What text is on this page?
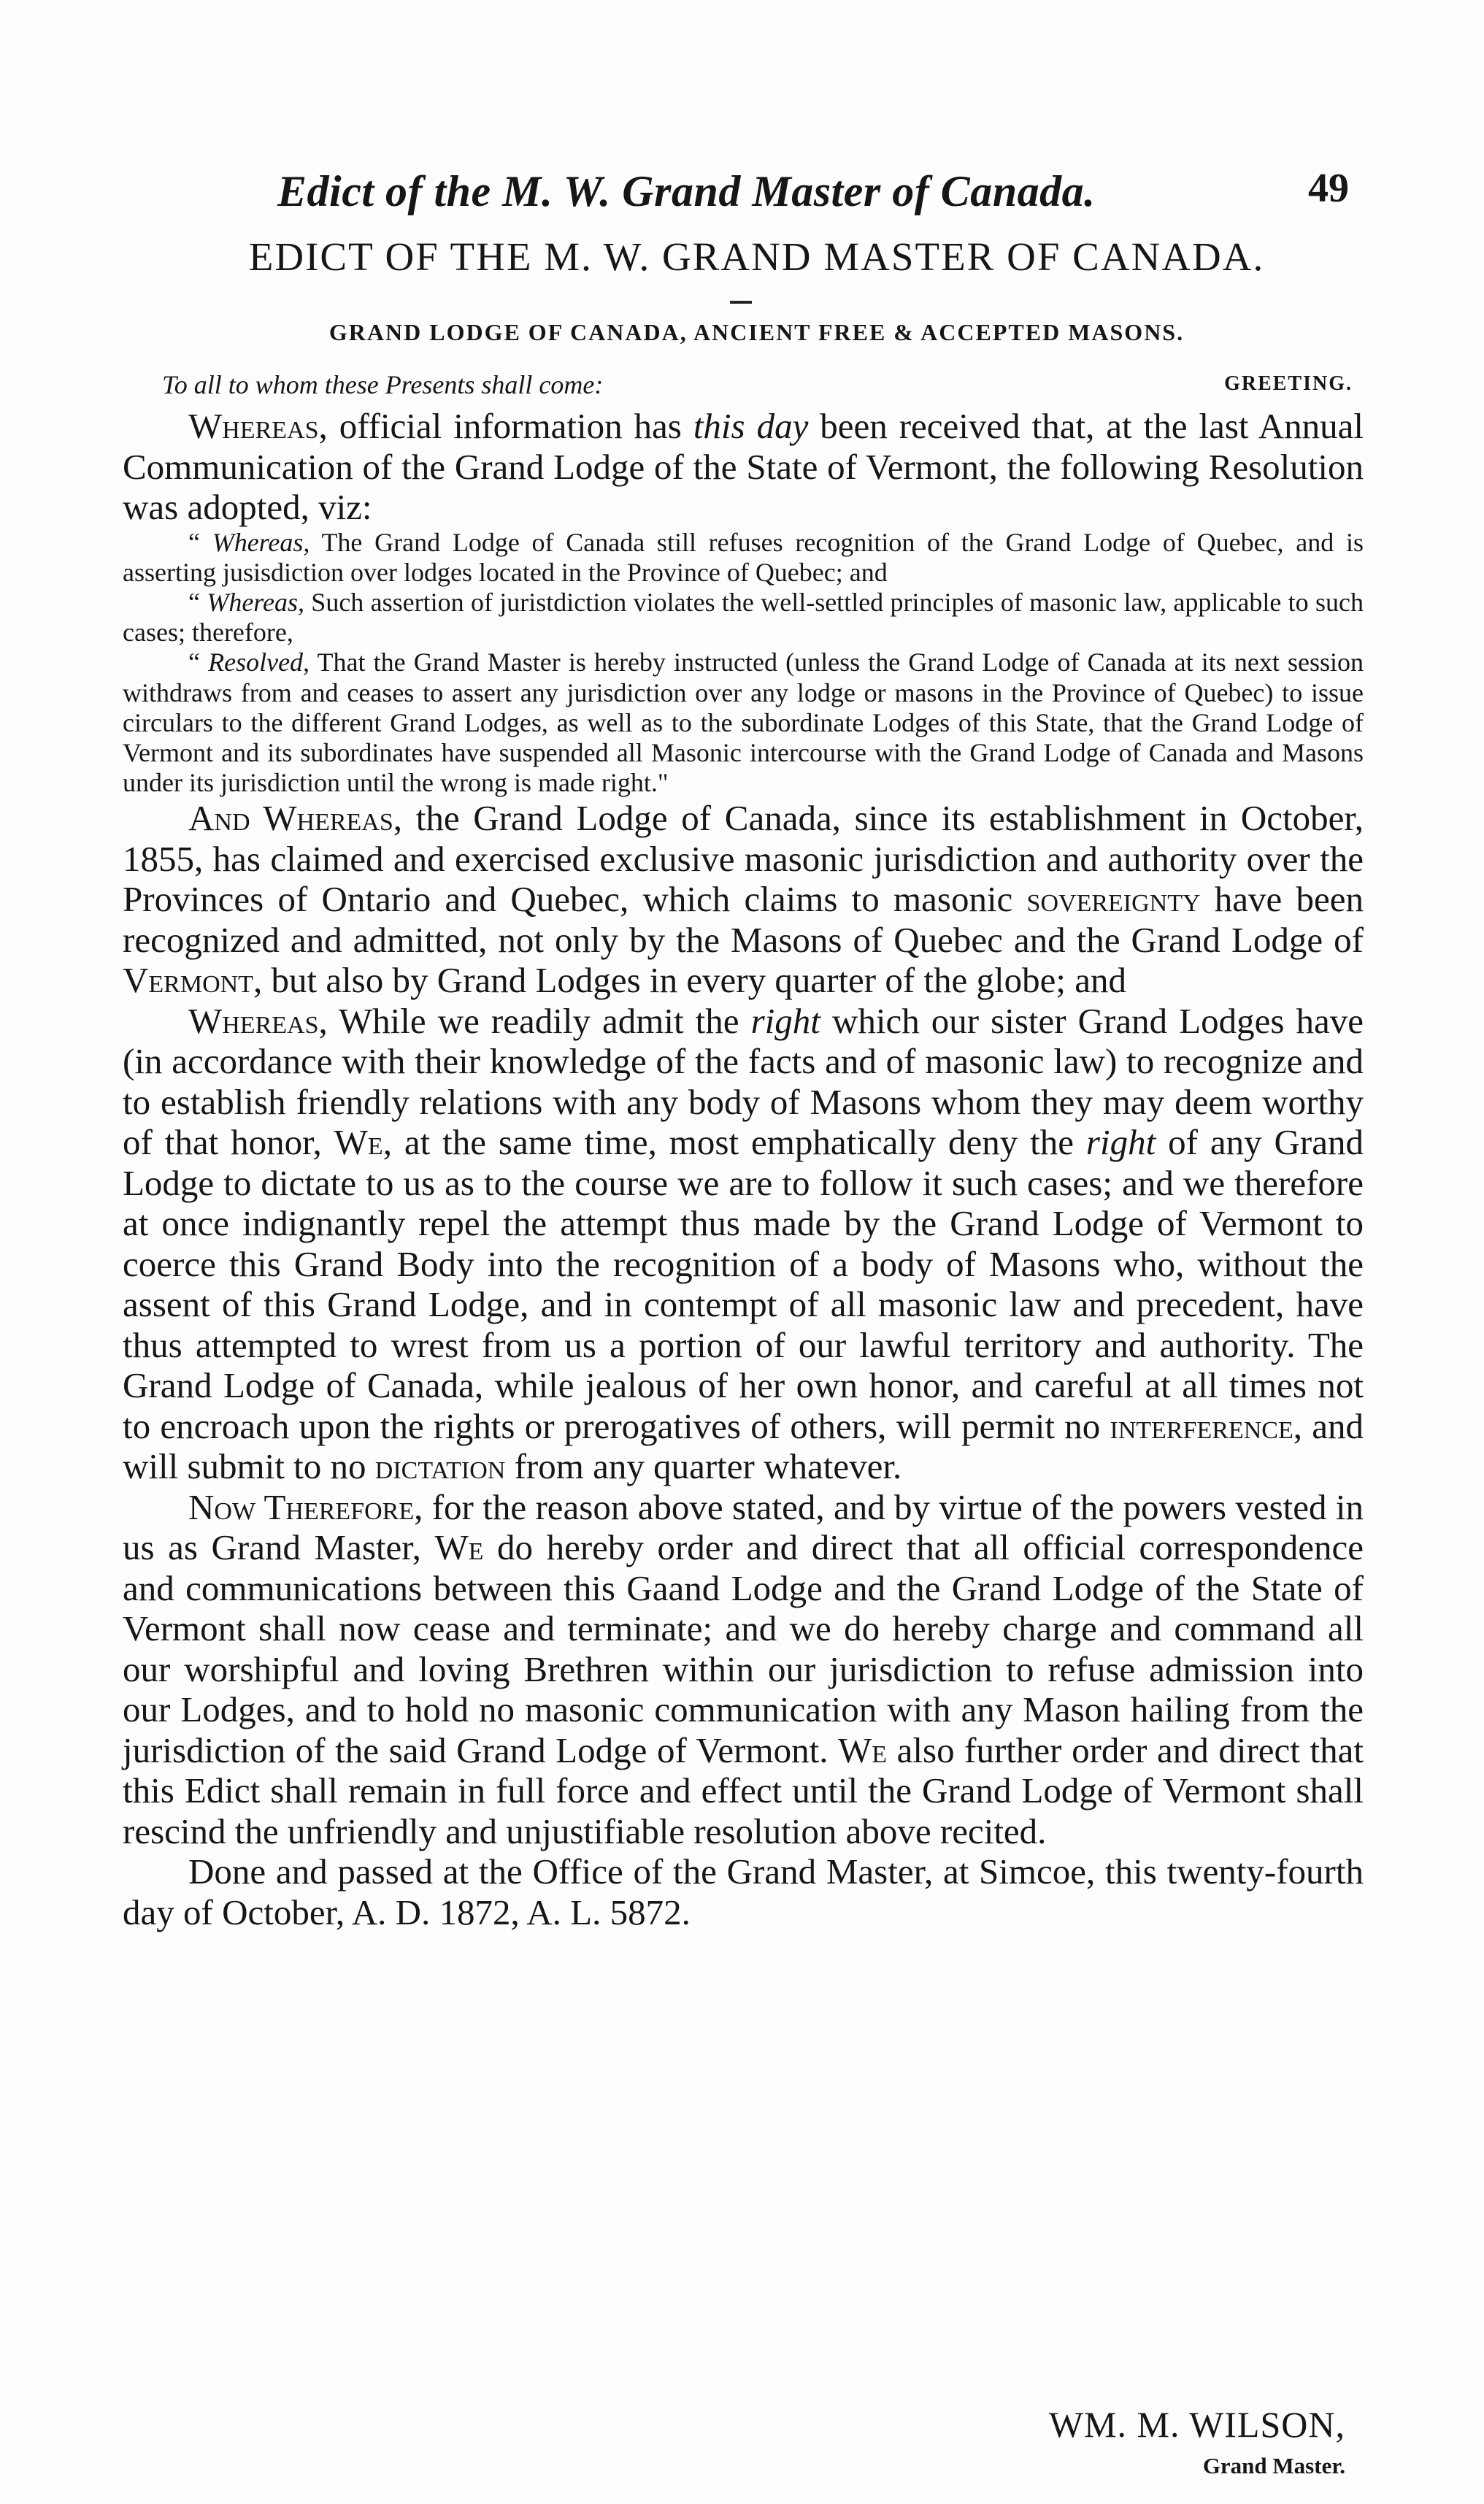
Edict of the M. W. Grand Master of Canada.	49
EDICT OF THE M. W. GRAND MASTER OF CANADA.
GRAND LODGE OF CANADA, ANCIENT FREE & ACCEPTED MASONS.
To all to whom these Presents shall come:	GREETING.

Whereas, official information has this day been received that, at the last Annual Communication of the Grand Lodge of the State of Vermont, the following Resolution was adopted, viz:

“ Whereas, The Grand Lodge of Canada still refuses recognition of the Grand Lodge of Quebec, and is asserting jusisdiction over lodges located in the Province of Quebec; and

“ Whereas, Such assertion of juristdiction violates the well-settled principles of masonic law, applicable to such cases; therefore,

“ Resolved, That the Grand Master is hereby instructed (unless the Grand Lodge of Canada at its next session withdraws from and ceases to assert any jurisdiction over any lodge or masons in the Province of Quebec) to issue circulars to the different Grand Lodges, as well as to the subordinate Lodges of this State, that the Grand Lodge of Vermont and its subordinates have suspended all Masonic intercourse with the Grand Lodge of Canada and Masons under its jurisdiction until the wrong is made right."

And Whereas, the Grand Lodge of Canada, since its establishment in October, 1855, has claimed and exercised exclusive masonic jurisdiction and authority over the Provinces of Ontario and Quebec, which claims to masonic sovereignty have been recognized and admitted, not only by the Masons of Quebec and the Grand Lodge of Vermont, but also by Grand Lodges in every quarter of the globe; and

Whereas, While we readily admit the right which our sister Grand Lodges have (in accordance with their knowledge of the facts and of masonic law) to recognize and to establish friendly relations with any body of Masons whom they may deem worthy of that honor, We, at the same time, most emphatically deny the right of any Grand Lodge to dictate to us as to the course we are to follow it such cases; and we therefore at once indignantly repel the attempt thus made by the Grand Lodge of Vermont to coerce this Grand Body into the recognition of a body of Masons who, without the assent of this Grand Lodge, and in contempt of all masonic law and precedent, have thus attempted to wrest from us a portion of our lawful territory and authority. The Grand Lodge of Canada, while jealous of her own honor, and careful at all times not to encroach upon the rights or prerogatives of others, will permit no interference, and will submit to no dictation from any quarter whatever.

Now Therefore, for the reason above stated, and by virtue of the powers vested in us as Grand Master, We do hereby order and direct that all official correspondence and communications between this Gaand Lodge and the Grand Lodge of the State of Vermont shall now cease and terminate; and we do hereby charge and command all our worshipful and loving Brethren within our jurisdiction to refuse admission into our Lodges, and to hold no masonic communication with any Mason hailing from the jurisdiction of the said Grand Lodge of Vermont. We also further order and direct that this Edict shall remain in full force and effect until the Grand Lodge of Vermont shall rescind the unfriendly and unjustifiable resolution above recited.

Done and passed at the Office of the Grand Master, at Simcoe, this twenty-fourth day of October, A. D. 1872, A. L. 5872.

WM. M. WILSON,
Grand Master.
